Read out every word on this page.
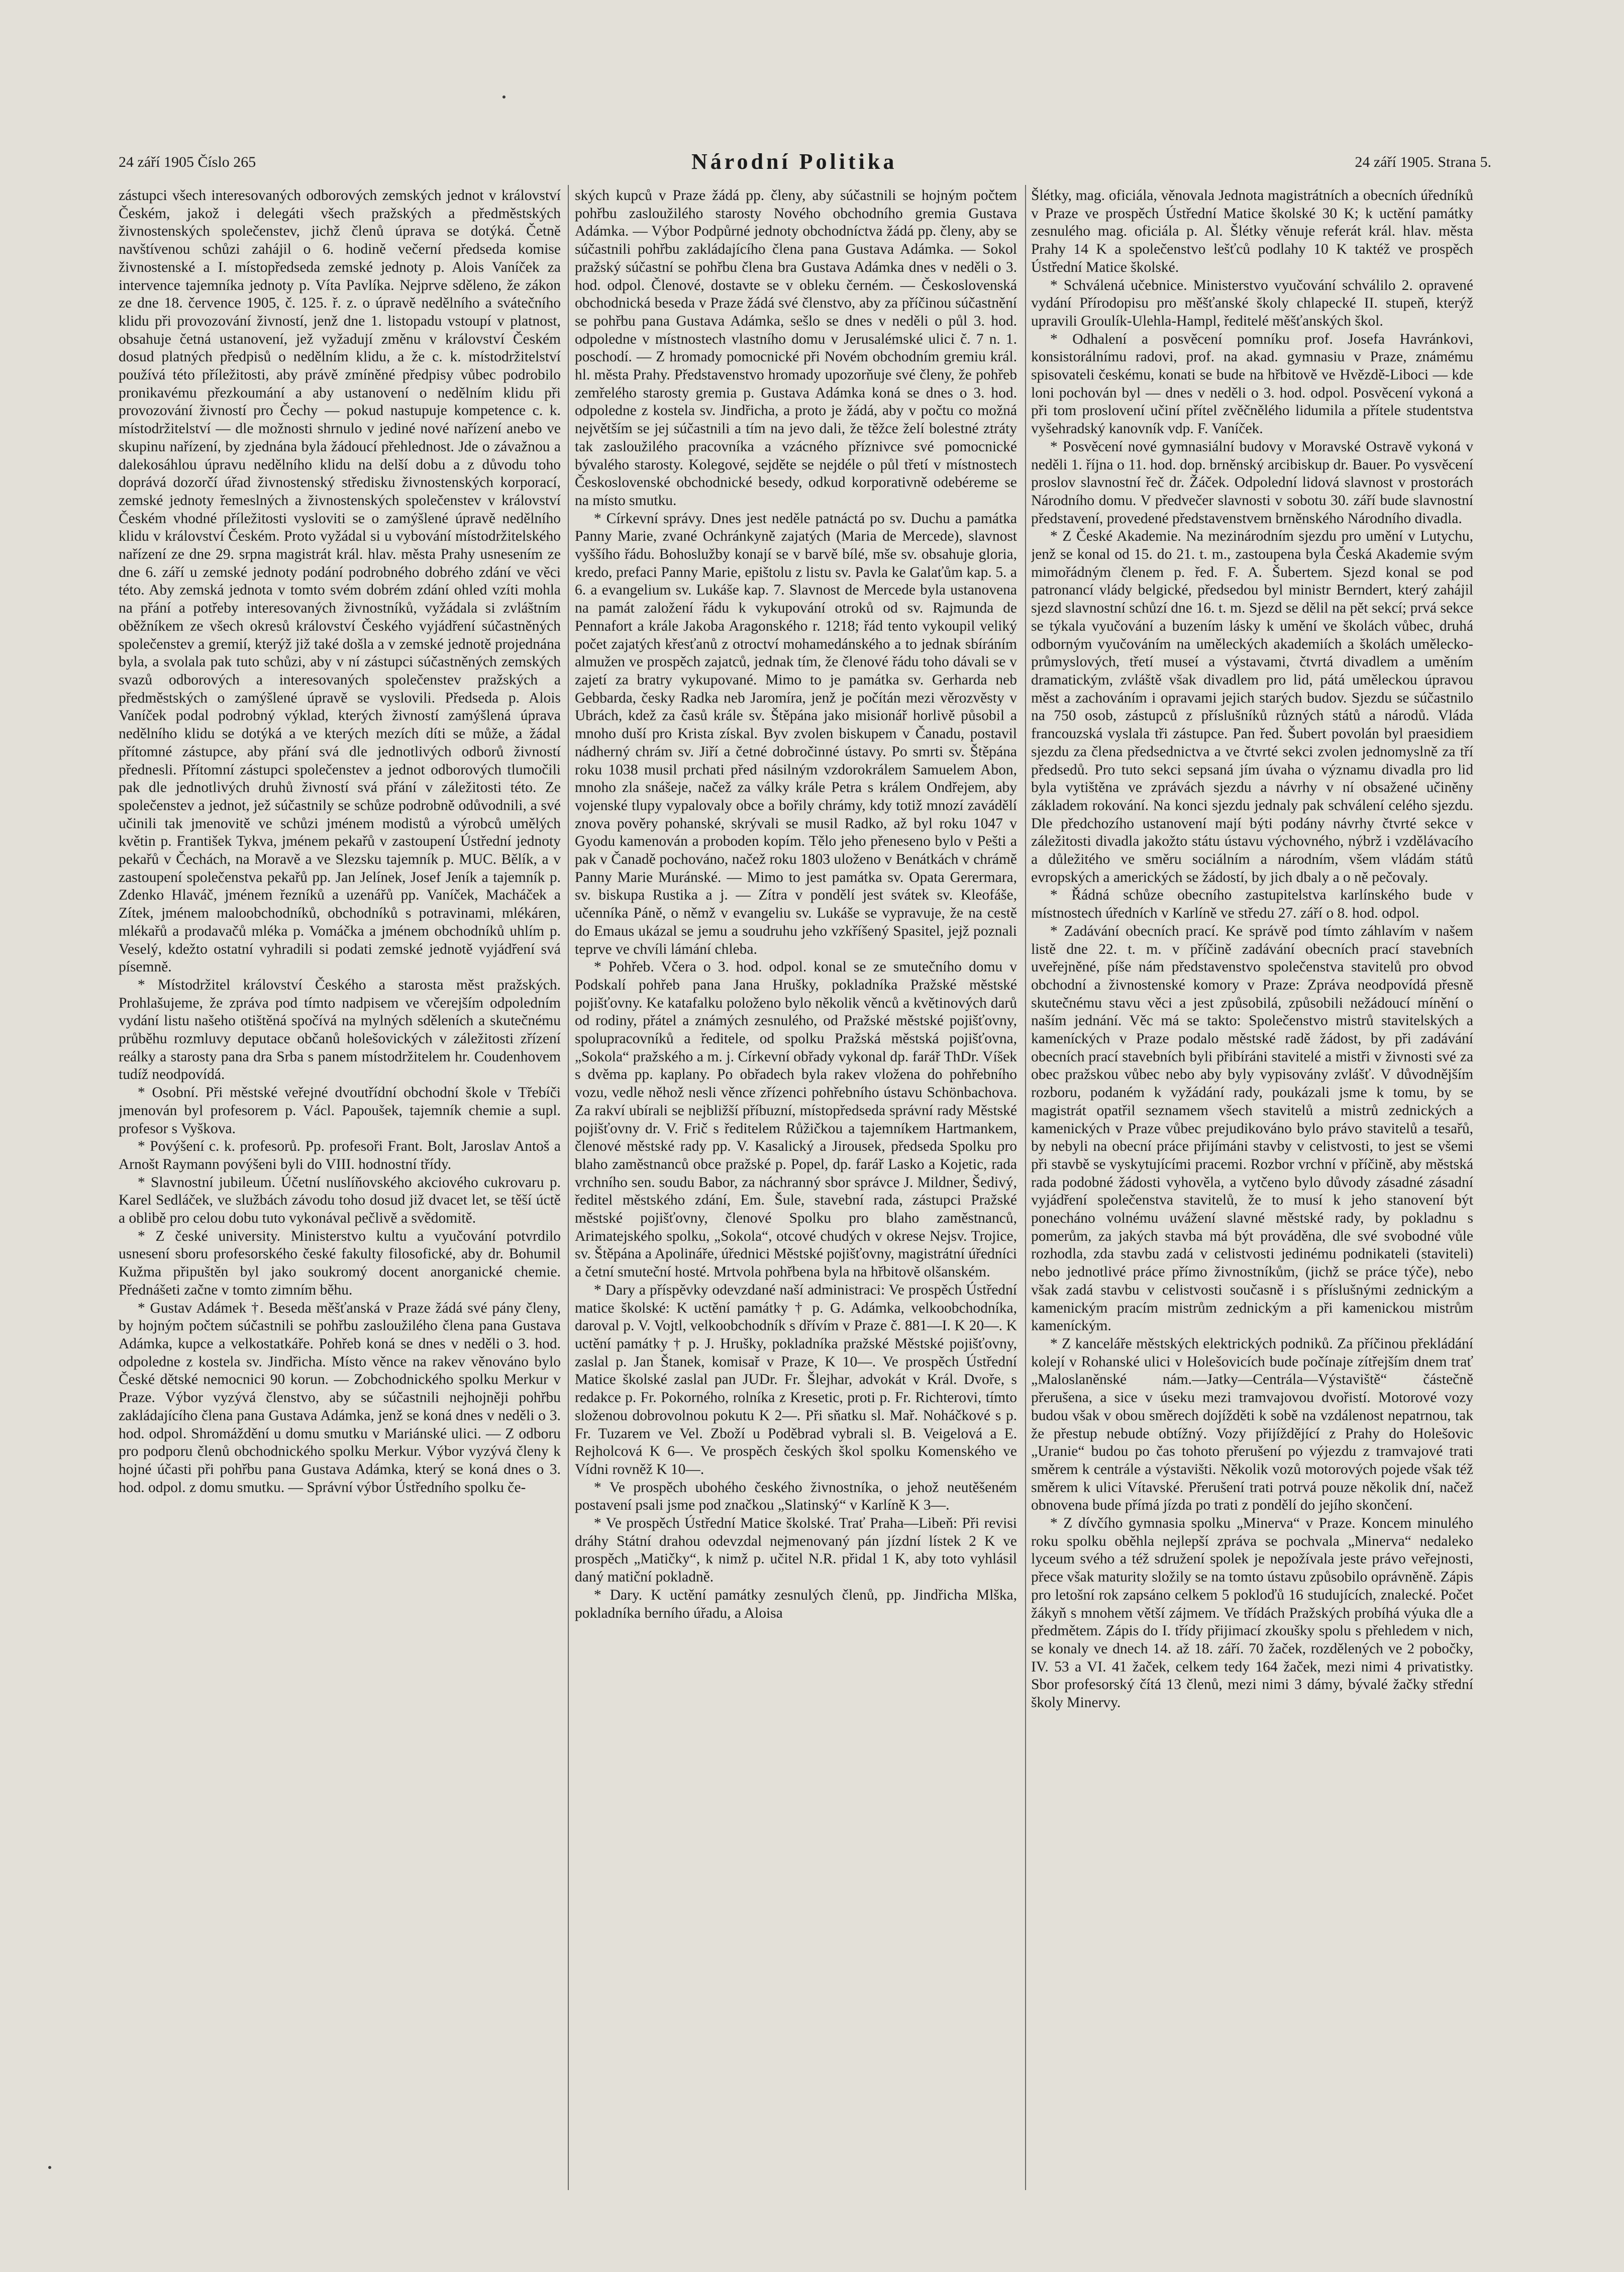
24 září 1905 Číslo 265	Národní Politika	24 září 1905. Strana 5.

zástupci všech interesovaných odborových zemských jednot v království Českém, jakož i delegáti všech pražských a předměstských živnostenských společenstev, jichž členů úprava se dotýká. Četně navštívenou schůzi zahájil o 6. hodině večerní předseda komise živnostenské a I. místopředseda zemské jednoty p. Alois Vaníček za intervence tajemníka jednoty p. Víta Pavlíka. Nejprve sděleno, že zákon ze dne 18. července 1905, č. 125. ř. z. o úpravě nedělního a svátečního klidu při provozování živností, jenž dne 1. listopadu vstoupí v platnost, obsahuje četná ustanovení, jež vyžadují změnu v království Českém dosud platných předpisů o nedělním klidu, a že c. k. místodržitelství používá této příležitosti, aby právě zmíněné předpisy vůbec podrobilo pronikavému přezkoumání a aby ustanovení o nedělním klidu při provozování živností pro Čechy — pokud nastupuje kompetence c. k. místodržitelství — dle možnosti shrnulo v jediné nové nařízení anebo ve skupinu nařízení, by zjednána byla žádoucí přehlednost. Jde o závažnou a dalekosáhlou úpravu nedělního klidu na delší dobu a z důvodu toho doprává dozorčí úřad živnostenský středisku živnostenských korporací, zemské jednoty řemeslných a živnostenských společenstev v království Českém vhodné příležitosti vysloviti se o zamýšlené úpravě nedělního klidu v království Českém. Proto vyžádal si u vybování místodržitelského nařízení ze dne 29. srpna magistrát král. hlav. města Prahy usnesením ze dne 6. září u zemské jednoty podání podrobného dobrého zdání ve věci této. Aby zemská jednota v tomto svém dobrém zdání ohled vzíti mohla na přání a potřeby interesovaných živnostníků, vyžádala si zvláštním oběžníkem ze všech okresů království Českého vyjádření súčastněných společenstev a gremií, kterýž již také došla a v zemské jednotě projednána byla, a svolala pak tuto schůzi, aby v ní zástupci súčastněných zemských svazů odborových a interesovaných společenstev pražských a předměstských o zamýšlené úpravě se vyslovili. Předseda p. Alois Vaníček podal podrobný výklad, kterých živností zamýšlená úprava nedělního klidu se dotýká a ve kterých mezích díti se může, a žádal přítomné zástupce, aby přání svá dle jednotlivých odborů živností přednesli. Přítomní zástupci společenstev a jednot odborových tlumočili pak dle jednotlivých druhů živností svá přání v záležitosti této. Ze společenstev a jednot, jež súčastnily se schůze podrobně odůvodnili, a své učinili tak jmenovitě ve schůzi jménem modistů a výrobců umělých květin p. František Tykva, jménem pekařů v zastoupení Ústřední jednoty pekařů v Čechách, na Moravě a ve Slezsku tajemník p. MUC. Bělík, a v zastoupení společenstva pekařů pp. Jan Jelínek, Josef Jeník a tajemník p. Zdenko Hlaváč, jménem řezníků a uzenářů pp. Vaníček, Macháček a Zítek, jménem maloobchodníků, obchodníků s potravinami, mlékáren, mlékařů a prodavačů mléka p. Vomáčka a jménem obchodníků uhlím p. Veselý, kdežto ostatní vyhradili si podati zemské jednotě vyjádření svá písemně.

* Místodržitel království Českého a starosta měst pražských. Prohlašujeme, že zpráva pod tímto nadpisem ve včerejším odpoledním vydání listu našeho otištěná spočívá na mylných sděleních a skutečnému průběhu rozmluvy deputace občanů holešovických v záležitosti zřízení reálky a starosty pana dra Srba s panem místodržitelem hr. Coudenhovem tudíž neodpovídá.

* Osobní. Při městské veřejné dvoutřídní obchodní škole v Třebíči jmenován byl profesorem p. Václ. Papoušek, tajemník chemie a supl. profesor s Vyškova.

* Povýšení c. k. profesorů. Pp. profesoři Frant. Bolt, Jaroslav Antoš a Arnošt Raymann povýšeni byli do VIII. hodnostní třídy.

* Slavnostní jubileum. Účetní nuslíňovského akciového cukrovaru p. Karel Sedláček, ve službách závodu toho dosud již dvacet let, se těší úctě a oblibě pro celou dobu tuto vykonával pečlivě a svědomitě.

* Z české university. Ministerstvo kultu a vyučování potvrdilo usnesení sboru profesorského české fakulty filosofické, aby dr. Bohumil Kužma připuštěn byl jako soukromý docent anorganické chemie. Přednášeti začne v tomto zimním běhu.

* Gustav Adámek †. Beseda měšťanská v Praze žádá své pány členy, by hojným počtem súčastnili se pohřbu zasloužilého člena pana Gustava Adámka, kupce a velkostatkáře. Pohřeb koná se dnes v neděli o 3. hod. odpoledne z kostela sv. Jindřicha. Místo věnce na rakev věnováno bylo České dětské nemocnici 90 korun. — Zobchodnického spolku Merkur v Praze. Výbor vyzývá členstvo, aby se súčastnili nejhojněji pohřbu zakládajícího člena pana Gustava Adámka, jenž se koná dnes v neděli o 3. hod. odpol. Shromáždění u domu smutku v Mariánské ulici. — Z odboru pro podporu členů obchodnického spolku Merkur. Výbor vyzývá členy k hojné účasti při pohřbu pana Gustava Adámka, který se koná dnes o 3. hod. odpol. z domu smutku. — Správní výbor Ústředního spolku če-

ských kupců v Praze žádá pp. členy, aby súčastnili se hojným počtem pohřbu zasloužilého starosty Nového obchodního gremia Gustava Adámka. — Výbor Podpůrné jednoty obchodníctva žádá pp. členy, aby se súčastnili pohřbu zakládajícího člena pana Gustava Adámka. — Sokol pražský súčastní se pohřbu člena bra Gustava Adámka dnes v neděli o 3. hod. odpol. Členové, dostavte se v obleku černém. — Československá obchodnická beseda v Praze žádá své členstvo, aby za příčinou súčastnění se pohřbu pana Gustava Adámka, sešlo se dnes v neděli o půl 3. hod. odpoledne v místnostech vlastního domu v Jerusalémské ulici č. 7 n. 1. poschodí. — Z hromady pomocnické při Novém obchodním gremiu král. hl. města Prahy. Představenstvo hromady upozorňuje své členy, že pohřeb zemřelého starosty gremia p. Gustava Adámka koná se dnes o 3. hod. odpoledne z kostela sv. Jindřicha, a proto je žádá, aby v počtu co možná největším se jej súčastnili a tím na jevo dali, že těžce želí bolestné ztráty tak zasloužilého pracovníka a vzácného příznivce své pomocnické bývalého starosty. Kolegové, sejděte se nejdéle o půl třetí v místnostech Československé obchodnické besedy, odkud korporativně odebéreme se na místo smutku.

* Církevní správy. Dnes jest neděle patnáctá po sv. Duchu a památka Panny Marie, zvané Ochránkyně zajatých (Maria de Mercede), slavnost vyššího řádu. Bohoslužby konají se v barvě bílé, mše sv. obsahuje gloria, kredo, prefaci Panny Marie, epištolu z listu sv. Pavla ke Galaťům kap. 5. a 6. a evangelium sv. Lukáše kap. 7. Slavnost de Mercede byla ustanovena na památ založení řádu k vykupování otroků od sv. Rajmunda de Pennafort a krále Jakoba Aragonského r. 1218; řád tento vykoupil veliký počet zajatých křesťanů z otroctví mohamedánského a to jednak sbíráním almužen ve prospěch zajatců, jednak tím, že členové řádu toho dávali se v zajetí za bratry vykupované. Mimo to je památka sv. Gerharda neb Gebbarda, česky Radka neb Jaromíra, jenž je počítán mezi věrozvěsty v Ubrách, kdež za časů krále sv. Štěpána jako misionář horlivě působil a mnoho duší pro Krista získal. Byv zvolen biskupem v Čanadu, postavil nádherný chrám sv. Jiří a četné dobročinné ústavy. Po smrti sv. Štěpána roku 1038 musil prchati před násilným vzdorokrálem Samuelem Abon, mnoho zla snášeje, načež za války krále Petra s králem Ondřejem, aby vojenské tlupy vypalovaly obce a bořily chrámy, kdy totiž mnozí zavádělí znova pověry pohanské, skrývali se musil Radko, až byl roku 1047 v Gyodu kamenován a proboden kopím. Tělo jeho přeneseno bylo v Pešti a pak v Čanadě pochováno, načež roku 1803 uloženo v Benátkách v chrámě Panny Marie Muránské. — Mimo to jest památka sv. Opata Gerermara, sv. biskupa Rustika a j. — Zítra v pondělí jest svátek sv. Kleofáše, učenníka Páně, o němž v evangeliu sv. Lukáše se vypravuje, že na cestě do Emaus ukázal se jemu a soudruhu jeho vzkříšený Spasitel, jejž poznali teprve ve chvíli lámání chleba.

* Pohřeb. Včera o 3. hod. odpol. konal se ze smutečního domu v Podskalí pohřeb pana Jana Hrušky, pokladníka Pražské městské pojišťovny. Ke katafalku položeno bylo několik věnců a květinových darů od rodiny, přátel a známých zesnulého, od Pražské městské pojišťovny, spolupracovníků a ředitele, od spolku Pražská městská pojišťovna, „Sokola“ pražského a m. j. Církevní obřady vykonal dp. farář ThDr. Víšek s dvěma pp. kaplany. Po obřadech byla rakev vložena do pohřebního vozu, vedle něhož nesli věnce zřízenci pohřebního ústavu Schönbachova. Za rakví ubírali se nejbližší příbuzní, místopředseda správní rady Městské pojišťovny dr. V. Frič s ředitelem Růžičkou a tajemníkem Hartmankem, členové městské rady pp. V. Kasalický a Jirousek, předseda Spolku pro blaho zaměstnanců obce pražské p. Popel, dp. farář Lasko a Kojetic, rada vrchního sen. soudu Babor, za náchranný sbor správce J. Mildner, Šedivý, ředitel městského zdání, Em. Šule, stavební rada, zástupci Pražské městské pojišťovny, členové Spolku pro blaho zaměstnanců, Arimatejského spolku, „Sokola“, otcové chudých v okrese Nejsv. Trojice, sv. Štěpána a Apolináře, úřednici Městské pojišťovny, magistrátní úředníci a četní smuteční hosté. Mrtvola pohřbena byla na hřbitově olšanském.

* Dary a příspěvky odevzdané naší administraci: Ve prospěch Ústřední matice školské: K uctění památky † p. G. Adámka, velkoobchodníka, daroval p. V. Vojtl, velkoobchodník s dřívím v Praze č. 881—I. K 20—. K uctění památky † p. J. Hrušky, pokladníka pražské Městské pojišťovny, zaslal p. Jan Štanek, komisař v Praze, K 10—. Ve prospěch Ústřední Matice školské zaslal pan JUDr. Fr. Šlejhar, advokát v Král. Dvoře, s redakce p. Fr. Pokorného, rolníka z Kresetic, proti p. Fr. Richterovi, tímto složenou dobrovolnou pokutu K 2—. Při sňatku sl. Mař. Noháčkové s p. Fr. Tuzarem ve Vel. Zboží u Poděbrad vybrali sl. B. Veigelová a E. Rejholcová K 6—. Ve prospěch českých škol spolku Komenského ve Vídni rovněž K 10—.

* Ve prospěch ubohého českého živnostníka, o jehož neutěšeném postavení psali jsme pod značkou „Slatinský“ v Karlíně K 3—.

* Ve prospěch Ústřední Matice školské. Trať Praha—Libeň: Při revisi dráhy Státní drahou odevzdal nejmenovaný pán jízdní lístek 2 K ve prospěch „Matičky“, k nimž p. učitel N.R. přidal 1 K, aby toto vyhlásil daný matiční pokladně.

* Dary. K uctění památky zesnulých členů, pp. Jindřicha Mlška, pokladníka berního úřadu, a Aloisa

Šlétky, mag. oficiála, věnovala Jednota magistrátních a obecních úředníků v Praze ve prospěch Ústřední Matice školské 30 K; k uctění památky zesnulého mag. oficiála p. Al. Šlétky věnuje referát král. hlav. města Prahy 14 K a společenstvo lešťců podlahy 10 K taktéž ve prospěch Ústřední Matice školské.

* Schválená učebnice. Ministerstvo vyučování schválilo 2. opravené vydání Přírodopisu pro měšťanské školy chlapecké II. stupeň, kterýž upravili Groulík-Ulehla-Hampl, ředitelé měšťanských škol.

* Odhalení a posvěcení pomníku prof. Josefa Havránkovi, konsistorálnímu radovi, prof. na akad. gymnasiu v Praze, známému spisovateli českému, konati se bude na hřbitově ve Hvězdě-Liboci — kde loni pochován byl — dnes v neděli o 3. hod. odpol. Posvěcení vykoná a při tom proslovení učiní přítel zvěčnělého lidumila a přítele studentstva vyšehradský kanovník vdp. F. Vaníček.

* Posvěcení nové gymnasiální budovy v Moravské Ostravě vykoná v neděli 1. října o 11. hod. dop. brněnský arcibiskup dr. Bauer. Po vysvěcení proslov slavnostní řeč dr. Žáček. Odpolední lidová slavnost v prostorách Národního domu. V předvečer slavnosti v sobotu 30. září bude slavnostní představení, provedené představenstvem brněnského Národního divadla.

* Z České Akademie. Na mezinárodním sjezdu pro umění v Lutychu, jenž se konal od 15. do 21. t. m., zastoupena byla Česká Akademie svým mimořádným členem p. řed. F. A. Šubertem. Sjezd konal se pod patronancí vlády belgické, předsedou byl ministr Berndert, který zahájil sjezd slavnostní schůzí dne 16. t. m. Sjezd se dělil na pět sekcí; prvá sekce se týkala vyučování a buzením lásky k umění ve školách vůbec, druhá odborným vyučováním na uměleckých akademiích a školách umělecko-průmyslových, třetí museí a výstavami, čtvrtá divadlem a uměním dramatickým, zvláště však divadlem pro lid, pátá uměleckou úpravou měst a zachováním i opravami jejich starých budov. Sjezdu se súčastnilo na 750 osob, zástupců z příslušníků různých států a národů. Vláda francouzská vyslala tři zástupce. Pan řed. Šubert povolán byl praesidiem sjezdu za člena předsednictva a ve čtvrté sekci zvolen jednomyslně za tří předsedů. Pro tuto sekci sepsaná jím úvaha o významu divadla pro lid byla vytištěna ve zprávách sjezdu a návrhy v ní obsažené učiněny základem rokování. Na konci sjezdu jednaly pak schválení celého sjezdu. Dle předchozího ustanovení mají býti podány návrhy čtvrté sekce v záležitosti divadla jakožto státu ústavu výchovného, nýbrž i vzdělávacího a důležitého ve směru sociálním a národním, všem vládám států evropských a amerických se žádostí, by jich dbaly a o ně pečovaly.

* Řádná schůze obecního zastupitelstva karlínského bude v místnostech úředních v Karlíně ve středu 27. září o 8. hod. odpol.

* Zadávání obecních prací. Ke správě pod tímto záhlavím v našem listě dne 22. t. m. v příčině zadávání obecních prací stavebních uveřejněné, píše nám představenstvo společenstva stavitelů pro obvod obchodní a živnostenské komory v Praze: Zpráva neodpovídá přesně skutečnému stavu věci a jest způsobilá, způsobili nežádoucí mínění o naším jednání. Věc má se takto: Společenstvo mistrů stavitelských a kameníckých v Praze podalo městské radě žádost, by při zadávání obecních prací stavebních byli přibíráni stavitelé a mistři v živnosti své za obec pražskou vůbec nebo aby byly vypisovány zvlášť. V důvodnějším rozboru, podaném k vyžádání rady, poukázali jsme k tomu, by se magistrát opatřil seznamem všech stavitelů a mistrů zednických a kamenických v Praze vůbec prejudikováno bylo právo stavitelů a tesařů, by nebyli na obecní práce přijímáni stavby v celistvosti, to jest se všemi při stavbě se vyskytujícími pracemi. Rozbor vrchní v příčině, aby městská rada podobné žádosti vyhověla, a vytčeno bylo důvody zásadné zásadní vyjádření společenstva stavitelů, že to musí k jeho stanovení být ponecháno volnému uvážení slavné městské rady, by pokladnu s pomerům, za jakých stavba má být prováděna, dle své svobodné vůle rozhodla, zda stavbu zadá v celistvosti jedinému podnikateli (staviteli) nebo jednotlivé práce přímo živnostníkům, (jichž se práce týče), nebo však zadá stavbu v celistvosti současně i s příslušnými zednickým a kamenickým pracím mistrům zednickým a při kamenickou mistrům kameníckým.

* Z kanceláře městských elektrických podniků. Za příčinou překládání kolejí v Rohanské ulici v Holešovicích bude počínaje zítřejším dnem trať „Maloslaněnské nám.—Jatky—Centrála—Výstaviště“ částečně přerušena, a sice v úseku mezi tramvajovou dvořistí. Motorové vozy budou však v obou směrech dojížděti k sobě na vzdálenost nepatrnou, tak že přestup nebude obtížný. Vozy přijíždějící z Prahy do Holešovic „Uranie“ budou po čas tohoto přerušení po výjezdu z tramvajové trati směrem k centrále a výstavišti. Několik vozů motorových pojede však též směrem k ulici Vítavské. Přerušení trati potrvá pouze několik dní, načež obnovena bude přímá jízda po trati z pondělí do jejího skončení.

* Z dívčího gymnasia spolku „Minerva“ v Praze. Koncem minulého roku spolku oběhla nejlepší zpráva se pochvala „Minerva“ nedaleko lyceum svého a též sdružení spolek je nepožívala jeste právo veřejnosti, přece však maturity složily se na tomto ústavu způsobilo oprávněně. Zápis pro letošní rok zapsáno celkem 5 pokloďů 16 studujících, znalecké. Počet žákyň s mnohem větší zájmem. Ve třídách Pražských probíhá výuka dle a předmětem. Zápis do I. třídy přijimací zkoušky spolu s přehledem v nich, se konaly ve dnech 14. až 18. září. 70 žaček, rozdělených ve 2 pobočky, IV. 53 a VI. 41 žaček, celkem tedy 164 žaček, mezi nimi 4 privatistky. Sbor profesorský čítá 13 členů, mezi nimi 3 dámy, bývalé žačky střední školy Minervy.
